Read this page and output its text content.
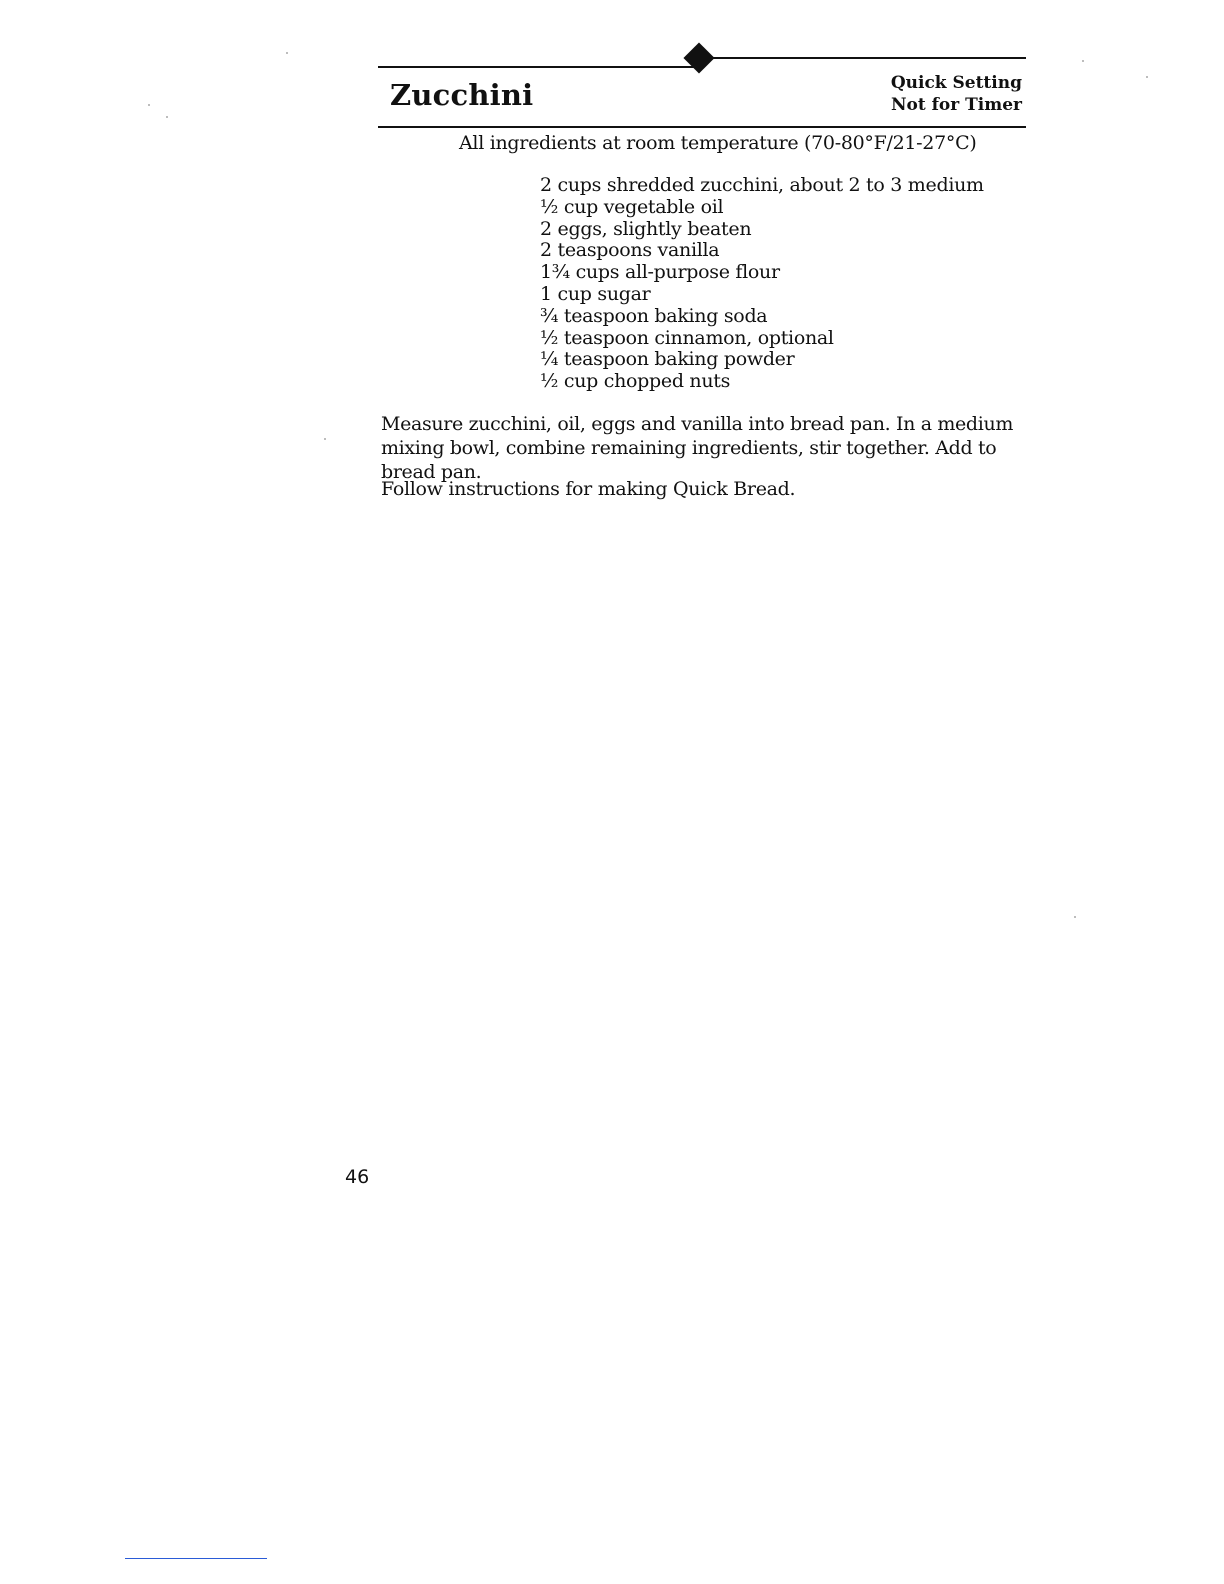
Zucchini	Quick Setting
Not for Timer
All ingredients at room temperature (70-80°F/21-27°C)
2 cups shredded zucchini, about 2 to 3 medium
½ cup vegetable oil
2 eggs, slightly beaten
2 teaspoons vanilla
1¾ cups all-purpose flour
1 cup sugar
¾ teaspoon baking soda
½ teaspoon cinnamon, optional
¼ teaspoon baking powder
½ cup chopped nuts

Measure zucchini, oil, eggs and vanilla into bread pan. In a medium mixing bowl, combine remaining ingredients, stir together. Add to bread pan.

Follow instructions for making Quick Bread.

46
